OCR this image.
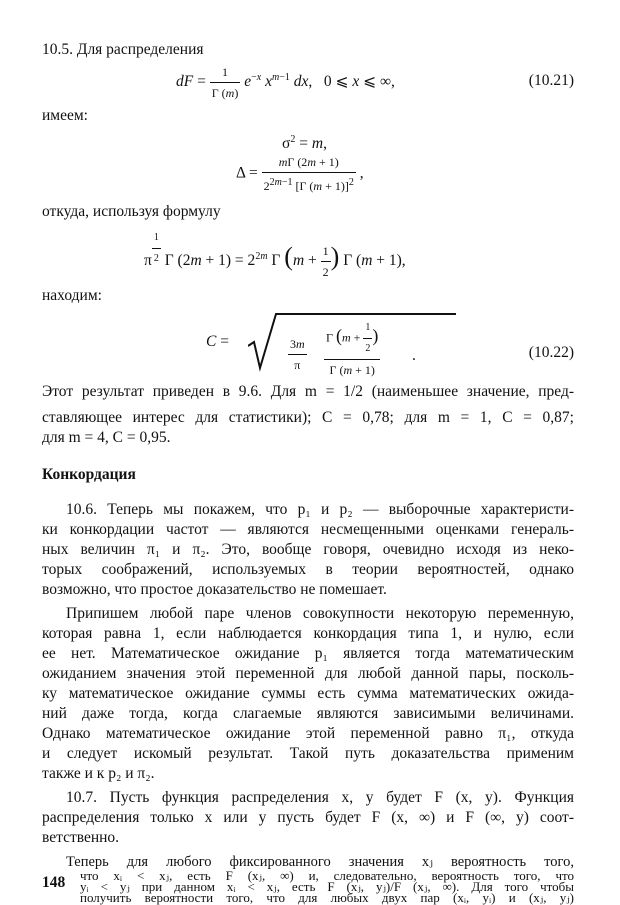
10.5. Для распределения
dF = $\frac{1}{\Gamma (m)} e^{-x}$ $x^{m-1}$ dx,   0 ⩽ x ⩽ ∞,	(10.21)
имеем:
$\sigma^2 = m$,
$\Delta = \frac{m\Gamma (2m + 1)}{2^{2m-1} [\Gamma (m + 1)]^2}$ ,
откуда, используя формулу
π $^{\frac{1}{2}}$ Γ $(2m + 1) = 2^{2m}$ Γ ($m + \frac{1}{2}$ ) Γ (m + 1),
находим:
C =	$\frac{3m}{\pi} \frac{\Gamma (m + \frac{1}{2} )}{\Gamma (m + 1)}$ .	(10.22)
Этот результат приведен в 9.6. Для m = 1/2 (наименьшее значение, пред-
ставляющее интерес для статистики); C = 0,78; для m = 1, C = 0,87;
для m = 4, C = 0,95.
Конкордация
10.6. Теперь мы покажем, что p₁ и p₂ — выборочные характеристи-
ки конкордации частот — являются несмещенными оценками генераль-
ных величин π₁ и π₂. Это, вообще говоря, очевидно исходя из неко-
торых соображений, используемых в теории вероятностей, однако
возможно, что простое доказательство не помешает.
Припишем любой паре членов совокупности некоторую переменную,
которая равна 1, если наблюдается конкордация типа 1, и нулю, если
ее нет. Математическое ожидание p₁ является тогда математическим
ожиданием значения этой переменной для любой данной пары, посколь-
ку математическое ожидание суммы есть сумма математических ожида-
ний даже тогда, когда слагаемые являются зависимыми величинами.
Однако математическое ожидание этой переменной равно π₁, откуда
и следует искомый результат. Такой путь доказательства применим
также и к p₂ и π₂.
10.7. Пусть функция распределения x, y будет F (x, y). Функция
распределения только x или y пусть будет F (x, ∞) и F (∞, y) соот-
ветственно.
Теперь для любого фиксированного значения xⱼ вероятность того,
что xᵢ < xⱼ, есть F (xⱼ, ∞) и, следовательно, вероятность того, что
yᵢ < yⱼ при данном xᵢ < xⱼ, есть F (xⱼ, yⱼ)/F (xⱼ, ∞). Для того чтобы
получить вероятности того, что для любых двух пар (xᵢ, yᵢ) и (xⱼ, yⱼ)
148
